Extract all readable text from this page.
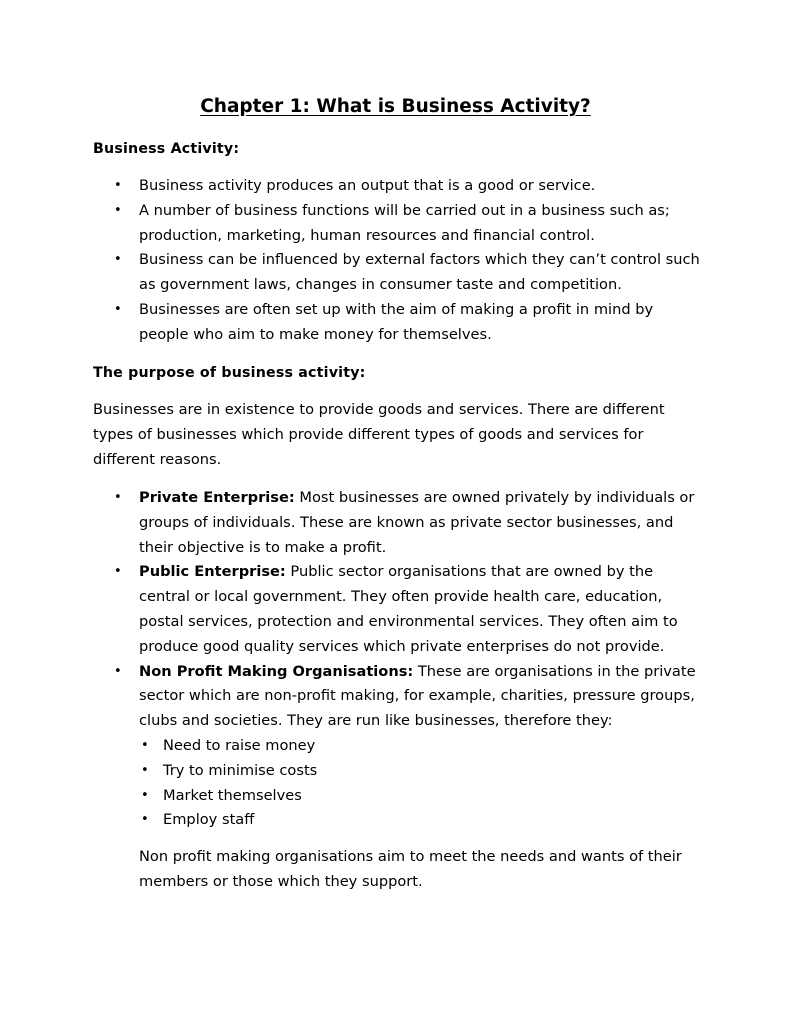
Chapter 1: What is Business Activity?
Business Activity:
• Business activity produces an output that is a good or service.
• A number of business functions will be carried out in a business such as; production, marketing, human resources and financial control.
• Business can be influenced by external factors which they can’t control such as government laws, changes in consumer taste and competition.
• Businesses are often set up with the aim of making a profit in mind by people who aim to make money for themselves.
The purpose of business activity:
Businesses are in existence to provide goods and services. There are different types of businesses which provide different types of goods and services for different reasons.
• Private Enterprise: Most businesses are owned privately by individuals or groups of individuals. These are known as private sector businesses, and their objective is to make a profit.
• Public Enterprise: Public sector organisations that are owned by the central or local government. They often provide health care, education, postal services, protection and environmental services. They often aim to produce good quality services which private enterprises do not provide.
• Non Profit Making Organisations: These are organisations in the private sector which are non-profit making, for example, charities, pressure groups, clubs and societies. They are run like businesses, therefore they:
• Need to raise money
• Try to minimise costs
• Market themselves
• Employ staff
Non profit making organisations aim to meet the needs and wants of their members or those which they support.
